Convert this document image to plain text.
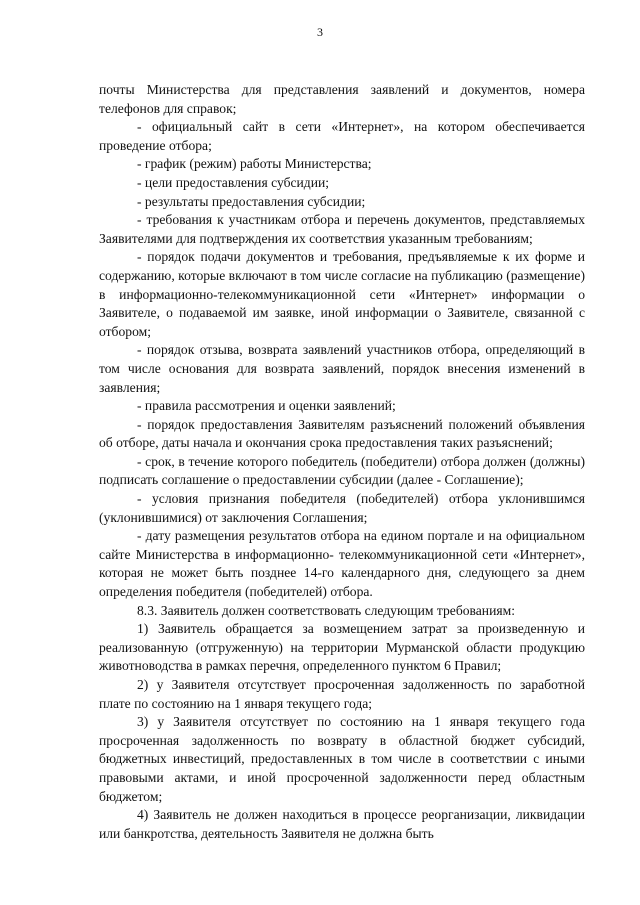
3

почты Министерства для представления заявлений и документов, номера телефонов для справок;

- официальный сайт в сети «Интернет», на котором обеспечивается проведение отбора;

- график (режим) работы Министерства;

- цели предоставления субсидии;

- результаты предоставления субсидии;

- требования к участникам отбора и перечень документов, представляемых Заявителями для подтверждения их соответствия указанным требованиям;

- порядок подачи документов и требования, предъявляемые к их форме и содержанию, которые включают в том числе согласие на публикацию (размещение) в информационно-телекоммуникационной сети «Интернет» информации о Заявителе, о подаваемой им заявке, иной информации о Заявителе, связанной с отбором;

- порядок отзыва, возврата заявлений участников отбора, определяющий в том числе основания для возврата заявлений, порядок внесения изменений в заявления;

- правила рассмотрения и оценки заявлений;

- порядок предоставления Заявителям разъяснений положений объявления об отборе, даты начала и окончания срока предоставления таких разъяснений;

- срок, в течение которого победитель (победители) отбора должен (должны) подписать соглашение о предоставлении субсидии (далее - Соглашение);

- условия признания победителя (победителей) отбора уклонившимся (уклонившимися) от заключения Соглашения;

- дату размещения результатов отбора на едином портале и на официальном сайте Министерства в информационно- телекоммуникационной сети «Интернет», которая не может быть позднее 14-го календарного дня, следующего за днем определения победителя (победителей) отбора.

8.3. Заявитель должен соответствовать следующим требованиям:

1) Заявитель обращается за возмещением затрат за произведенную и реализованную (отгруженную) на территории Мурманской области продукцию животноводства в рамках перечня, определенного пунктом 6 Правил;

2) у Заявителя отсутствует просроченная задолженность по заработной плате по состоянию на 1 января текущего года;

3) у Заявителя отсутствует по состоянию на 1 января текущего года просроченная задолженность по возврату в областной бюджет субсидий, бюджетных инвестиций, предоставленных в том числе в соответствии с иными правовыми актами, и иной просроченной задолженности перед областным бюджетом;

4) Заявитель не должен находиться в процессе реорганизации, ликвидации или банкротства, деятельность Заявителя не должна быть
